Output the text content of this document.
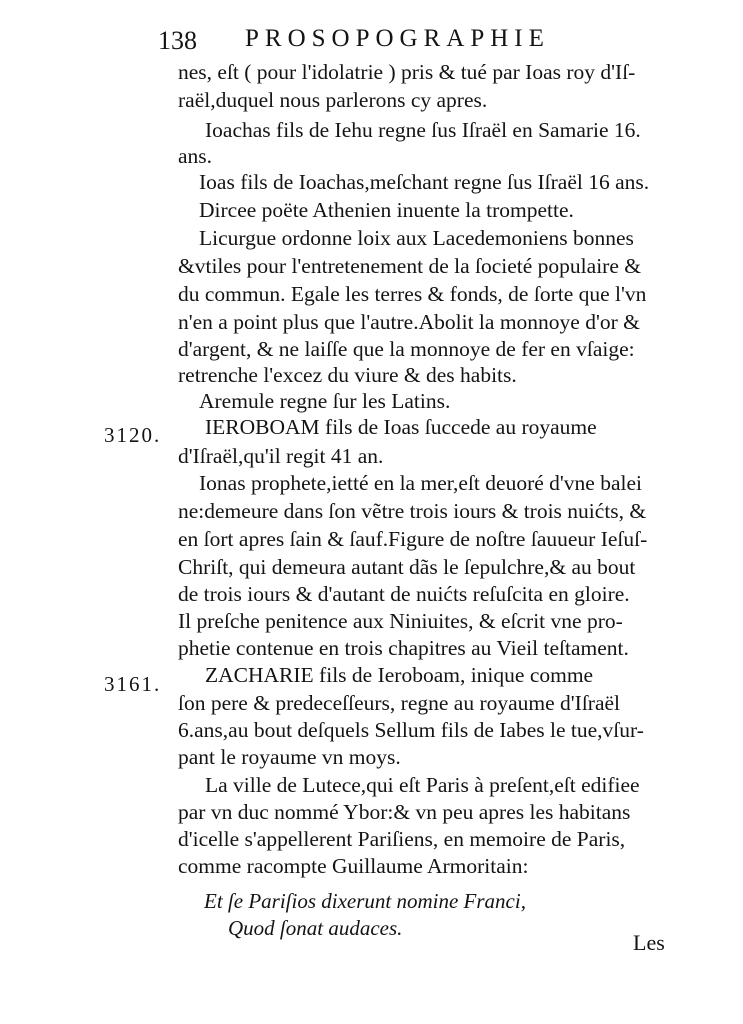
138 PROSOPOGRAPHIE
nes, eſt ( pour l'idolatrie ) pris & tué par Ioas roy d'Iſ-
raël,duquel nous parlerons cy apres.
Ioachas fils de Iehu regne ſus Iſraël en Samarie 16.
ans.
Ioas fils de Ioachas,meſchant regne ſus Iſraël 16 ans.
Dircee poëte Athenien inuente la trompette.
Licurgue ordonne loix aux Lacedemoniens bonnes
&vtiles pour l'entretenement de la ſocieté populaire &
du commun. Egale les terres & fonds, de ſorte que l'vn
n'en a point plus que l'autre.Abolit la monnoye d'or &
d'argent, & ne laiſſe que la monnoye de fer en vſaige:
retrenche l'excez du viure & des habits.
Aremule regne ſur les Latins.
3120. IEROBOAM fils de Ioas ſuccede au royaume
d'Iſraël,qu'il regit 41 an.
Ionas prophete,ietté en la mer,eſt deuoré d'vne balei
ne:demeure dans ſon vẽtre trois iours & trois nuićts, &
en ſort apres ſain & ſauf.Figure de noſtre ſauueur Ieſuſ-
Chriſt, qui demeura autant dãs le ſepulchre,& au bout
de trois iours & d'autant de nuićts reſuſcita en gloire.
Il preſche penitence aux Niniuites, & eſcrit vne pro-
phetie contenue en trois chapitres au Vieil teſtament.
3161. ZACHARIE fils de Ieroboam, inique comme
ſon pere & predeceſſeurs, regne au royaume d'Iſraël
6.ans,au bout deſquels Sellum fils de Iabes le tue,vſur-
pant le royaume vn moys.
La ville de Lutece,qui eſt Paris à preſent,eſt edifiee
par vn duc nommé Ybor:& vn peu apres les habitans
d'icelle s'appellerent Pariſiens, en memoire de Paris,
comme racompte Guillaume Armoritain:
Et ſe Pariſios dixerunt nomine Franci,
Quod ſonat audaces.
Les
